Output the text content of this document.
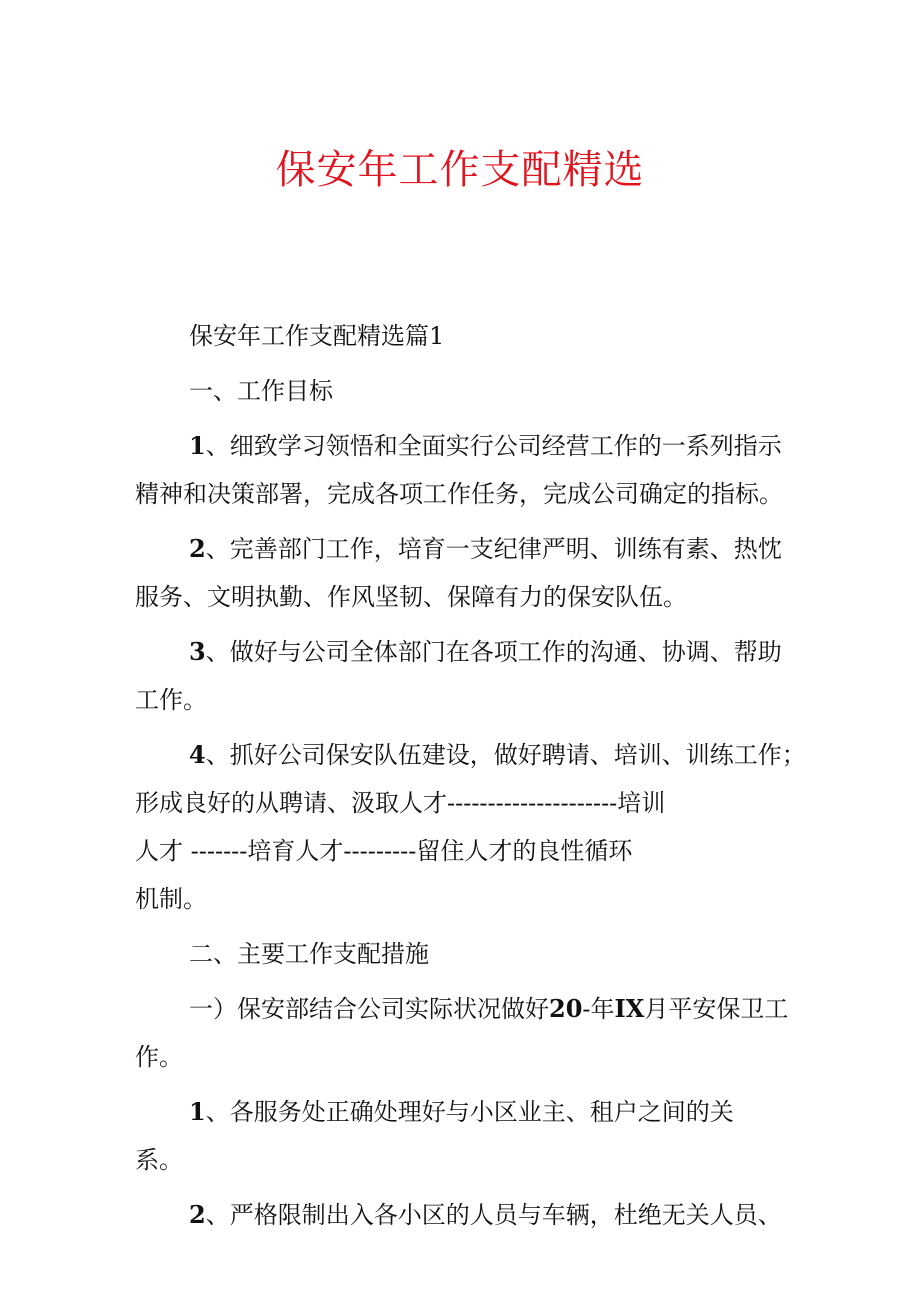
保安年工作支配精选

保安年工作支配精选篇1

一、工作目标

1、细致学习领悟和全面实行公司经营工作的一系列指示精神和决策部署，完成各项工作任务，完成公司确定的指标。

2、完善部门工作，培育一支纪律严明、训练有素、热忱服务、文明执勤、作风坚韧、保障有力的保安队伍。

3、做好与公司全体部门在各项工作的沟通、协调、帮助工作。

4、抓好公司保安队伍建设，做好聘请、培训、训练工作；

形成良好的从聘请、汲取人才---------------------培训

人才 -------培育人才---------留住人才的良性循环

机制。

二、主要工作支配措施

一）保安部结合公司实际状况做好20-年IX月平安保卫工

作。

1、各服务处正确处理好与小区业主、租户之间的关

系。

2、严格限制出入各小区的人员与车辆，杜绝无关人员、
